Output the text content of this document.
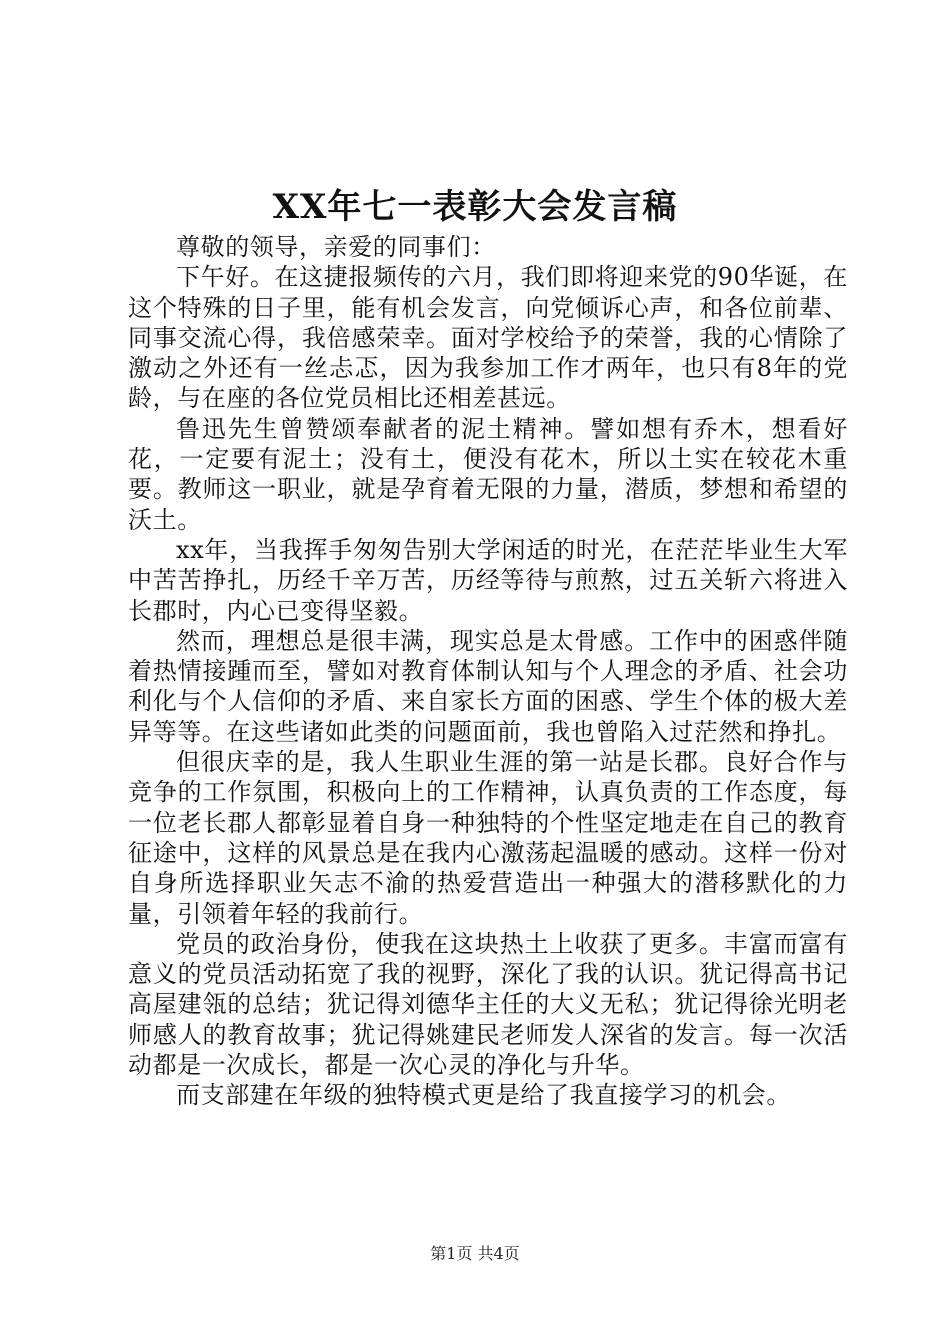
XX年七一表彰大会发言稿

尊敬的领导，亲爱的同事们：

下午好。在这捷报频传的六月，我们即将迎来党的90华诞，在这个特殊的日子里，能有机会发言，向党倾诉心声，和各位前辈、同事交流心得，我倍感荣幸。面对学校给予的荣誉，我的心情除了激动之外还有一丝忐忑，因为我参加工作才两年，也只有8年的党龄，与在座的各位党员相比还相差甚远。

鲁迅先生曾赞颂奉献者的泥土精神。譬如想有乔木，想看好花，一定要有泥土；没有土，便没有花木，所以土实在较花木重要。教师这一职业，就是孕育着无限的力量，潜质，梦想和希望的沃土。

xx年，当我挥手匆匆告别大学闲适的时光，在茫茫毕业生大军中苦苦挣扎，历经千辛万苦，历经等待与煎熬，过五关斩六将进入长郡时，内心已变得坚毅。

然而，理想总是很丰满，现实总是太骨感。工作中的困惑伴随着热情接踵而至，譬如对教育体制认知与个人理念的矛盾、社会功利化与个人信仰的矛盾、来自家长方面的困惑、学生个体的极大差异等等。在这些诸如此类的问题面前，我也曾陷入过茫然和挣扎。

但很庆幸的是，我人生职业生涯的第一站是长郡。良好合作与竞争的工作氛围，积极向上的工作精神，认真负责的工作态度，每一位老长郡人都彰显着自身一种独特的个性坚定地走在自己的教育征途中，这样的风景总是在我内心激荡起温暖的感动。这样一份对自身所选择职业矢志不渝的热爱营造出一种强大的潜移默化的力量，引领着年轻的我前行。

党员的政治身份，使我在这块热土上收获了更多。丰富而富有意义的党员活动拓宽了我的视野，深化了我的认识。犹记得高书记高屋建瓴的总结；犹记得刘德华主任的大义无私；犹记得徐光明老师感人的教育故事；犹记得姚建民老师发人深省的发言。每一次活动都是一次成长，都是一次心灵的净化与升华。

而支部建在年级的独特模式更是给了我直接学习的机会。

第1页 共4页
